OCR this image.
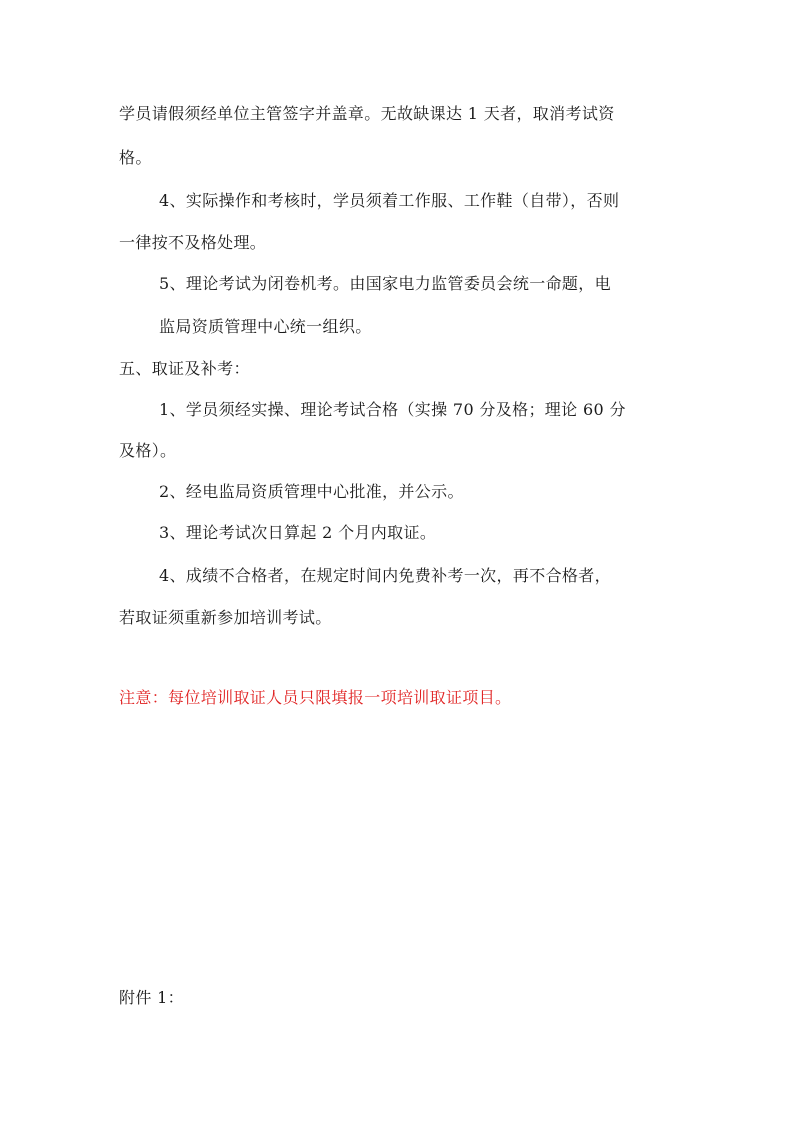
学员请假须经单位主管签字并盖章。无故缺课达 1 天者，取消考试资
格。
4、实际操作和考核时，学员须着工作服、工作鞋（自带），否则
一律按不及格处理。
5、理论考试为闭卷机考。由国家电力监管委员会统一命题，电
监局资质管理中心统一组织。
五、取证及补考：
1、学员须经实操、理论考试合格（实操 70 分及格；理论 60 分
及格）。
2、经电监局资质管理中心批准，并公示。
3、理论考试次日算起 2 个月内取证。
4、成绩不合格者，在规定时间内免费补考一次，再不合格者，
若取证须重新参加培训考试。
注意：每位培训取证人员只限填报一项培训取证项目。
附件 1：
